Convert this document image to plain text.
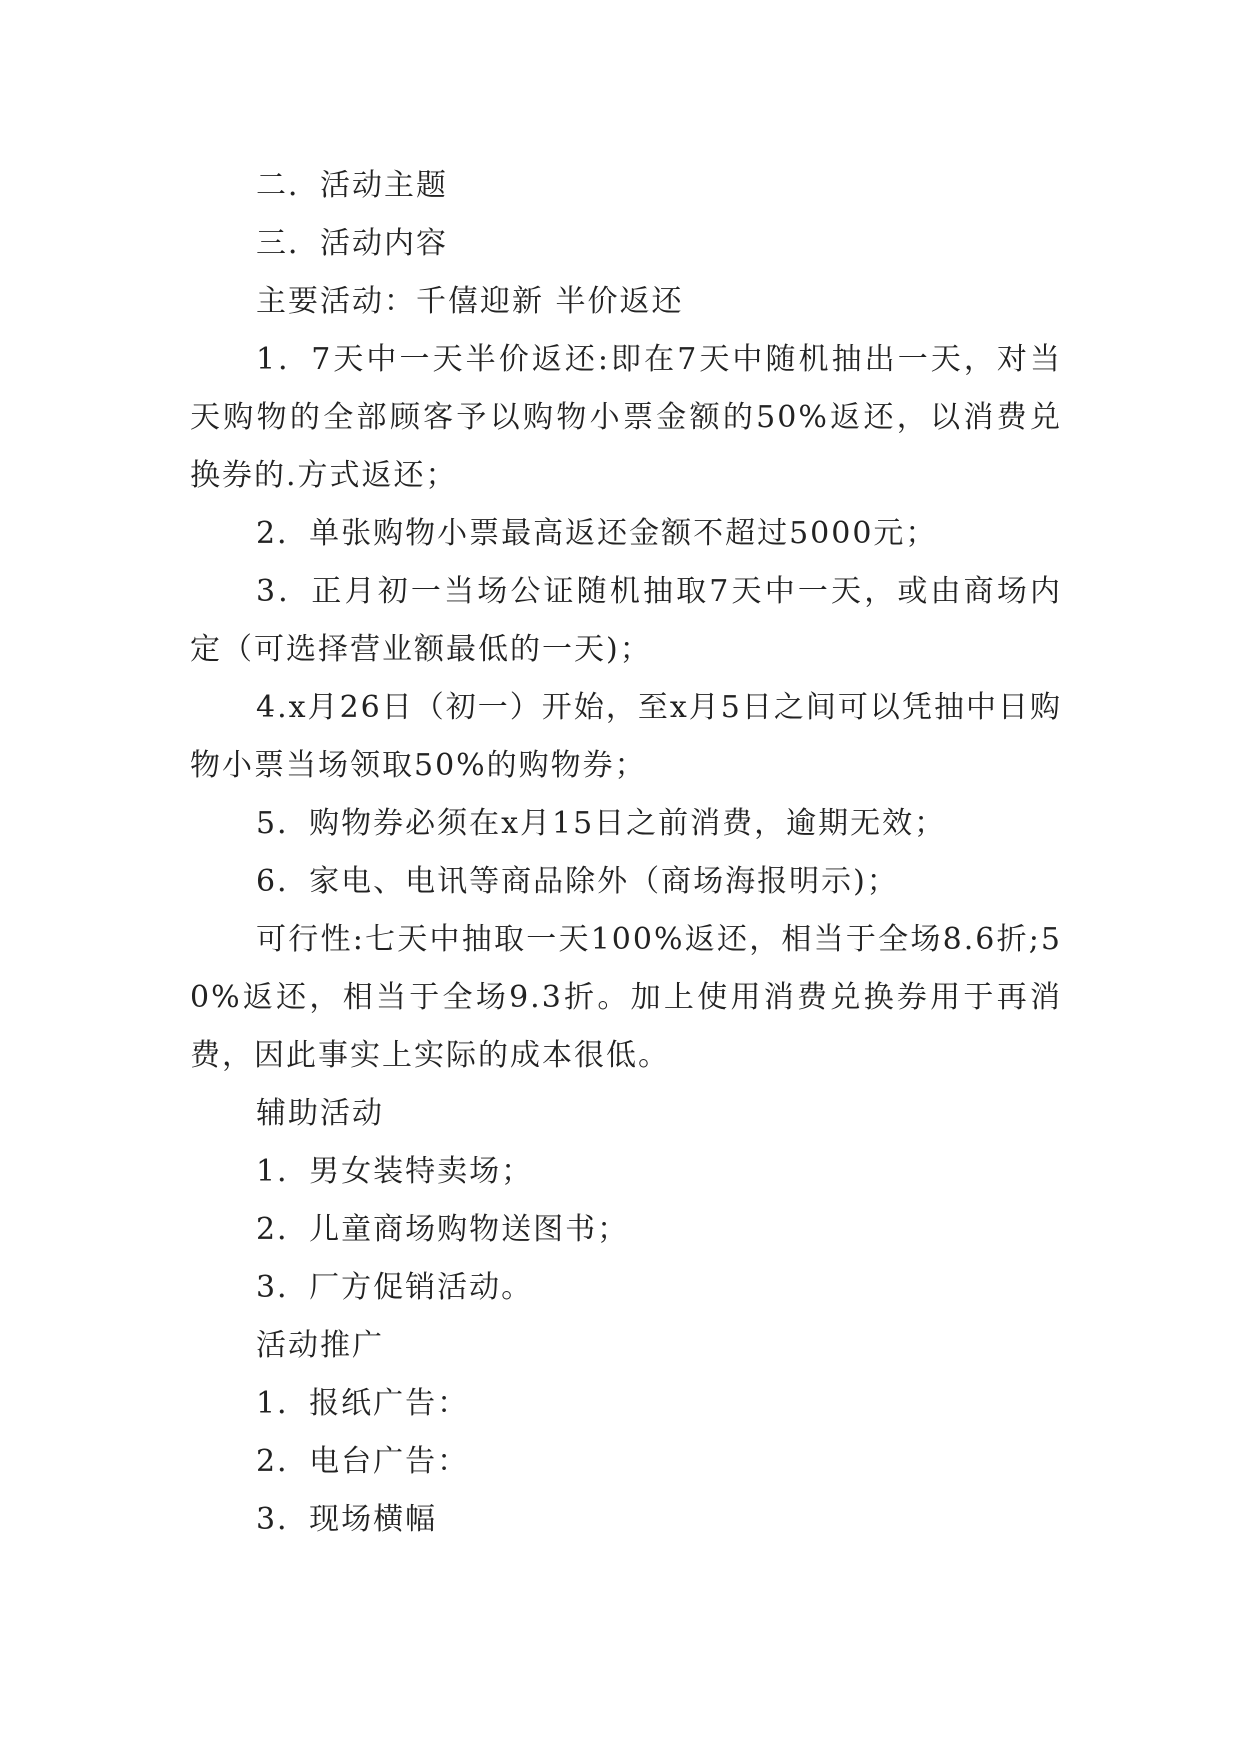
二．活动主题

三．活动内容

主要活动：千僖迎新 半价返还

1．7天中一天半价返还:即在7天中随机抽出一天，对当天购物的全部顾客予以购物小票金额的50%返还，以消费兑换券的.方式返还；

2．单张购物小票最高返还金额不超过5000元；

3．正月初一当场公证随机抽取7天中一天，或由商场内定（可选择营业额最低的一天)；

4.x月26日（初一）开始，至x月5日之间可以凭抽中日购物小票当场领取50%的购物券；

5．购物券必须在x月15日之前消费，逾期无效；

6．家电、电讯等商品除外（商场海报明示)；

可行性:七天中抽取一天100%返还，相当于全场8.6折;50%返还，相当于全场9.3折。加上使用消费兑换券用于再消费，因此事实上实际的成本很低。

辅助活动

1．男女装特卖场；

2．儿童商场购物送图书；

3．厂方促销活动。

活动推广

1．报纸广告：

2．电台广告：

3．现场横幅
